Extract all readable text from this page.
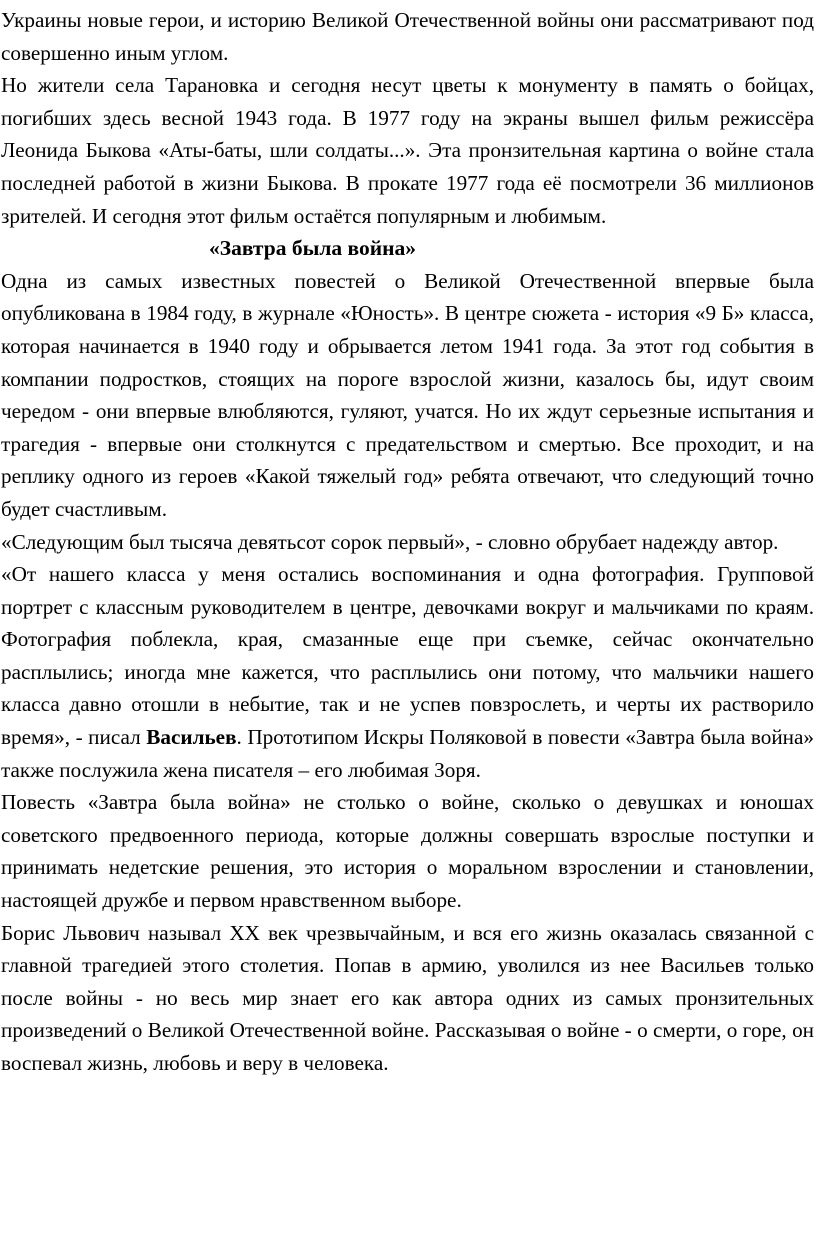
Украины новые герои, и историю Великой Отечественной войны они рассматривают под совершенно иным углом.

Но жители села Тарановка и сегодня несут цветы к монументу в память о бойцах, погибших здесь весной 1943 года. В 1977 году на экраны вышел фильм режиссёра Леонида Быкова «Аты-баты, шли солдаты...». Эта пронзительная картина о войне стала последней работой в жизни Быкова. В прокате 1977 года её посмотрели 36 миллионов зрителей. И сегодня этот фильм остаётся популярным и любимым.

«Завтра была война»

Одна из самых известных повестей о Великой Отечественной впервые была опубликована в 1984 году, в журнале «Юность». В центре сюжета - история «9 Б» класса, которая начинается в 1940 году и обрывается летом 1941 года. За этот год события в компании подростков, стоящих на пороге взрослой жизни, казалось бы, идут своим чередом - они впервые влюбляются, гуляют, учатся. Но их ждут серьезные испытания и трагедия - впервые они столкнутся с предательством и смертью. Все проходит, и на реплику одного из героев «Какой тяжелый год» ребята отвечают, что следующий точно будет счастливым.

«Следующим был тысяча девятьсот сорок первый», - словно обрубает надежду автор.

«От нашего класса у меня остались воспоминания и одна фотография. Групповой портрет с классным руководителем в центре, девочками вокруг и мальчиками по краям. Фотография поблекла, края, смазанные еще при съемке, сейчас окончательно расплылись; иногда мне кажется, что расплылись они потому, что мальчики нашего класса давно отошли в небытие, так и не успев повзрослеть, и черты их растворило время», - писал Васильев. Прототипом Искры Поляковой в повести «Завтра была война» также послужила жена писателя – его любимая Зоря.

Повесть «Завтра была война» не столько о войне, сколько о девушках и юношах советского предвоенного периода, которые должны совершать взрослые поступки и принимать недетские решения, это история о моральном взрослении и становлении, настоящей дружбе и первом нравственном выборе.

Борис Львович называл XX век чрезвычайным, и вся его жизнь оказалась связанной с главной трагедией этого столетия. Попав в армию, уволился из нее Васильев только после войны - но весь мир знает его как автора одних из самых пронзительных произведений о Великой Отечественной войне. Рассказывая о войне - о смерти, о горе, он воспевал жизнь, любовь и веру в человека.
